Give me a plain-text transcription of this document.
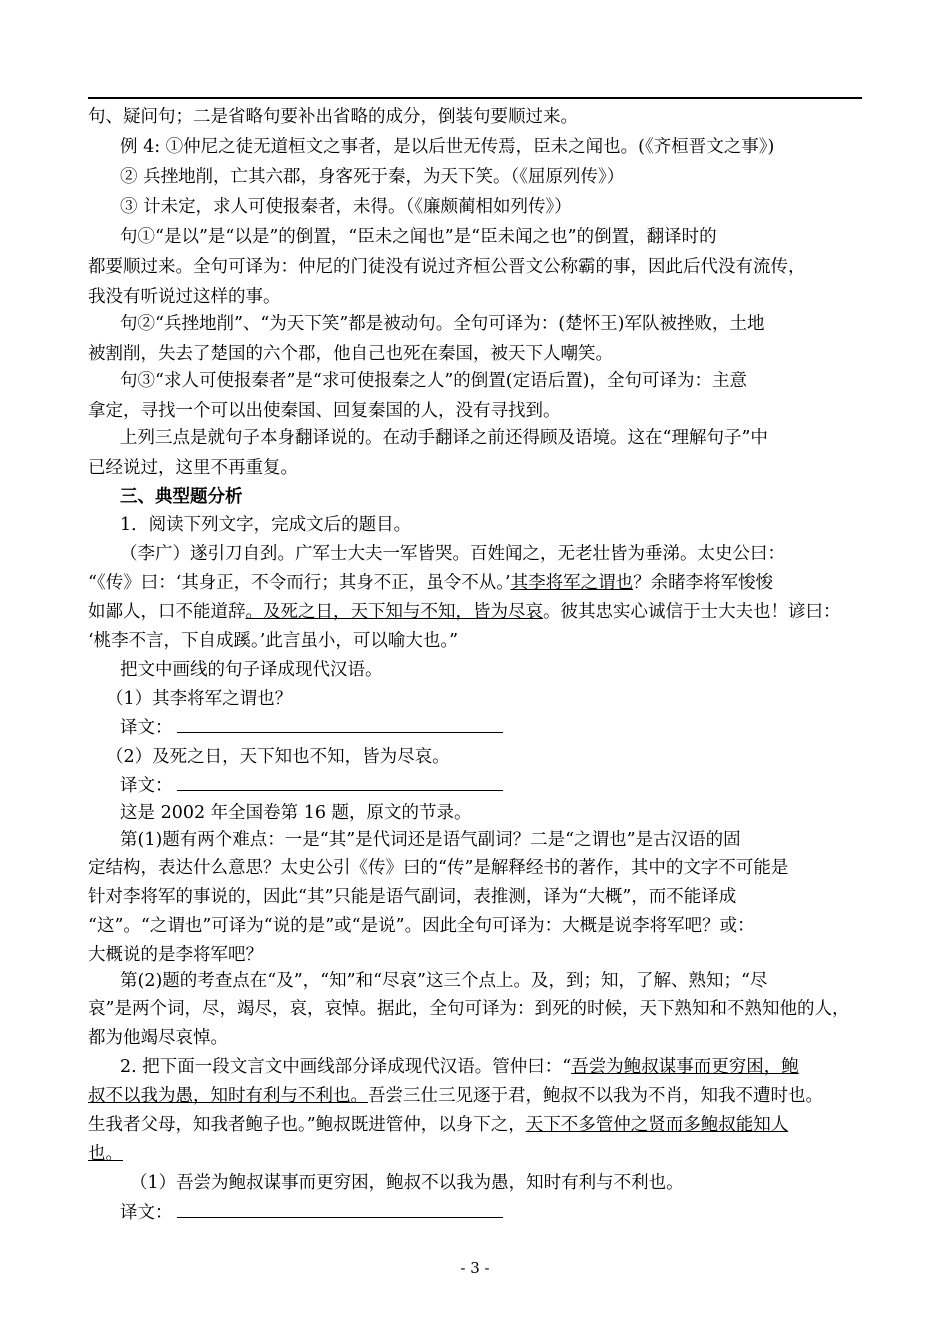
句、疑问句；二是省略句要补出省略的成分，倒装句要顺过来。
例 4: ①仲尼之徒无道桓文之事者，是以后世无传焉，臣未之闻也。(《齐桓晋文之事》)
② 兵挫地削，亡其六郡，身客死于秦，为天下笑。（《屈原列传》）
③ 计未定，求人可使报秦者，未得。（《廉颇蔺相如列传》）
句①“是以”是“以是”的倒置，“臣未之闻也”是“臣未闻之也”的倒置，翻译时的
都要顺过来。全句可译为：仲尼的门徒没有说过齐桓公晋文公称霸的事，因此后代没有流传，
我没有听说过这样的事。
句②“兵挫地削”、“为天下笑”都是被动句。全句可译为：(楚怀王)军队被挫败，土地
被割削，失去了楚国的六个郡，他自己也死在秦国，被天下人嘲笑。
句③“求人可使报秦者”是“求可使报秦之人”的倒置(定语后置)，全句可译为：主意
拿定，寻找一个可以出使秦国、回复秦国的人，没有寻找到。
上列三点是就句子本身翻译说的。在动手翻译之前还得顾及语境。这在“理解句子”中
已经说过，这里不再重复。
三、典型题分析
1．阅读下列文字，完成文后的题目。
（李广）遂引刀自刭。广军士大夫一军皆哭。百姓闻之，无老壮皆为垂涕。太史公曰：
“《传》曰：‘其身正，不令而行；其身不正，虽令不从。’其李将军之谓也？余睹李将军悛悛
如鄙人，口不能道辞。及死之日，天下知与不知，皆为尽哀。彼其忠实心诚信于士大夫也！谚曰：
‘桃李不言，下自成蹊。’此言虽小，可以喻大也。”
把文中画线的句子译成现代汉语。
（1）其李将军之谓也？
译文：
（2）及死之日，天下知也不知，皆为尽哀。
译文：
这是 2002 年全国卷第 16 题，原文的节录。
第(1)题有两个难点：一是“其”是代词还是语气副词？二是“之谓也”是古汉语的固
定结构，表达什么意思？太史公引《传》曰的“传”是解释经书的著作，其中的文字不可能是
针对李将军的事说的，因此“其”只能是语气副词，表推测，译为“大概”，而不能译成
“这”。“之谓也”可译为“说的是”或“是说”。因此全句可译为：大概是说李将军吧？或：
大概说的是李将军吧？
第(2)题的考查点在“及”，“知”和“尽哀”这三个点上。及，到；知，了解、熟知；“尽
哀”是两个词，尽，竭尽，哀，哀悼。据此，全句可译为：到死的时候，天下熟知和不熟知他的人，
都为他竭尽哀悼。
2. 把下面一段文言文中画线部分译成现代汉语。管仲曰：“吾尝为鲍叔谋事而更穷困，鲍
叔不以我为愚，知时有利与不利也。吾尝三仕三见逐于君，鲍叔不以我为不肖，知我不遭时也。
生我者父母，知我者鲍子也。”鲍叔既进管仲，以身下之，天下不多管仲之贤而多鲍叔能知人
也。
（1）吾尝为鲍叔谋事而更穷困，鲍叔不以我为愚，知时有利与不利也。
译文：
- 3 -
